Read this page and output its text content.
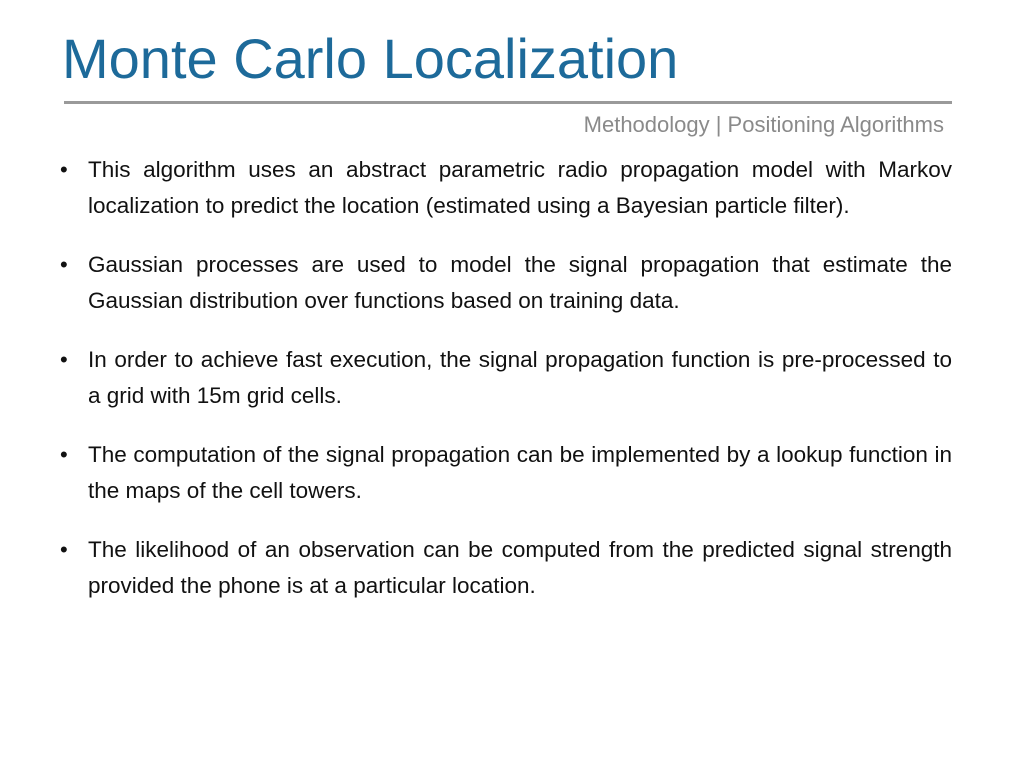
Monte Carlo Localization
Methodology | Positioning Algorithms
• This algorithm uses an abstract parametric radio propagation model with Markov localization to predict the location (estimated using a Bayesian particle filter).
• Gaussian processes are used to model the signal propagation that estimate the Gaussian distribution over functions based on training data.
• In order to achieve fast execution, the signal propagation function is pre-processed to a grid with 15m grid cells.
• The computation of the signal propagation can be implemented by a lookup function in the maps of the cell towers.
• The likelihood of an observation can be computed from the predicted signal strength provided the phone is at a particular location.
